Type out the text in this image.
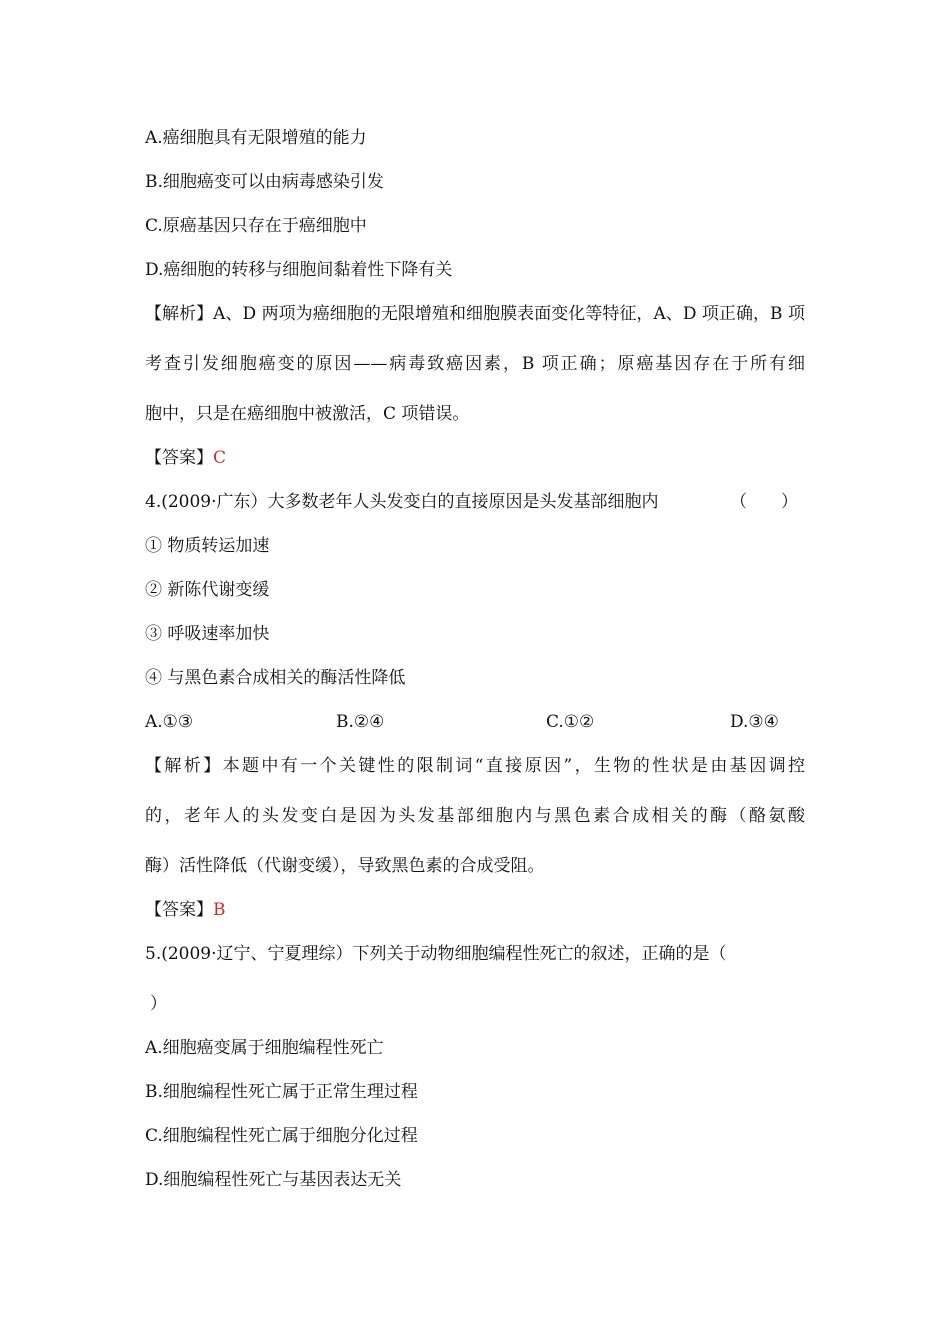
A.癌细胞具有无限增殖的能力
B.细胞癌变可以由病毒感染引发
C.原癌基因只存在于癌细胞中
D.癌细胞的转移与细胞间黏着性下降有关
【解析】A、D 两项为癌细胞的无限增殖和细胞膜表面变化等特征，A、D 项正确，B 项
考查引发细胞癌变的原因——病毒致癌因素，B 项正确；原癌基因存在于所有细
胞中，只是在癌细胞中被激活，C 项错误。
【答案】C
4.(2009·广东）大多数老年人头发变白的直接原因是头发基部细胞内	（　　）
① 物质转运加速
② 新陈代谢变缓
③ 呼吸速率加快
④ 与黑色素合成相关的酶活性降低
A.①③	B.②④	C.①②	D.③④
【解析】本题中有一个关键性的限制词“直接原因”，生物的性状是由基因调控
的，老年人的头发变白是因为头发基部细胞内与黑色素合成相关的酶（酪氨酸
酶）活性降低（代谢变缓），导致黑色素的合成受阻。
【答案】B
5.(2009·辽宁、宁夏理综）下列关于动物细胞编程性死亡的叙述，正确的是（
）
A.细胞癌变属于细胞编程性死亡
B.细胞编程性死亡属于正常生理过程
C.细胞编程性死亡属于细胞分化过程
D.细胞编程性死亡与基因表达无关
